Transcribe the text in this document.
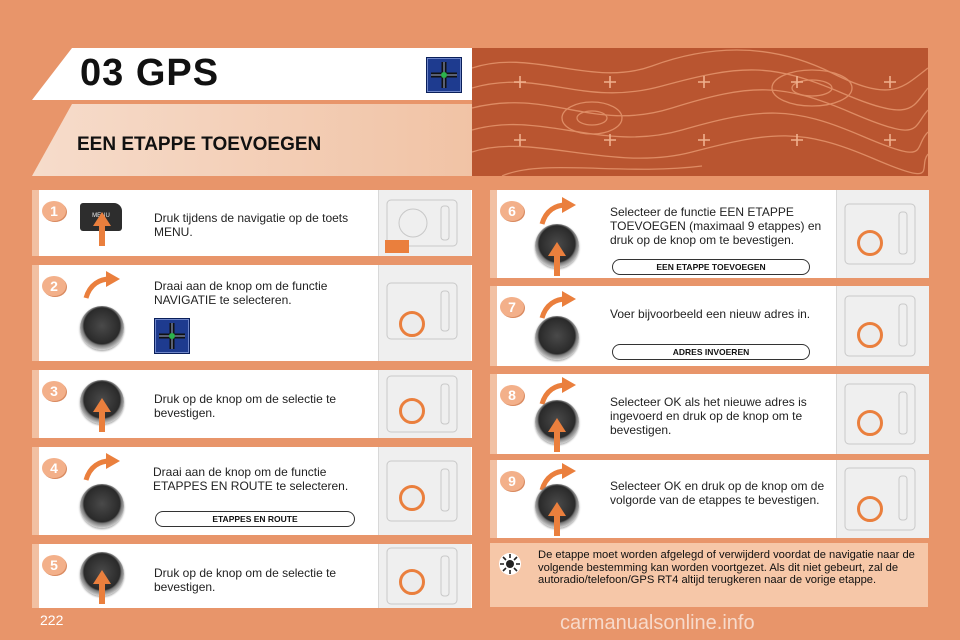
03 GPS
EEN ETAPPE TOEVOEGEN
1	MENU	Druk tijdens de navigatie op de toets MENU.
2	Draai aan de knop om de functie NAVIGATIE te selecteren.
3	Druk op de knop om de selectie te bevestigen.
4	Draai aan de knop om de functie ETAPPES EN ROUTE te selecteren.
ETAPPES EN ROUTE
5	Druk op de knop om de selectie te bevestigen.
6	Selecteer de functie EEN ETAPPE TOEVOEGEN (maximaal 9 etappes) en druk op de knop om te bevestigen.
EEN ETAPPE TOEVOEGEN
7	Voer bijvoorbeeld een nieuw adres in.
ADRES INVOEREN
8	Selecteer OK als het nieuwe adres is ingevoerd en druk op de knop om te bevestigen.
9	Selecteer OK en druk op de knop om de volgorde van de etappes te bevestigen.
De etappe moet worden afgelegd of verwijderd voordat de navigatie naar de volgende bestemming kan worden voortgezet. Als dit niet gebeurt, zal de autoradio/telefoon/GPS RT4 altijd terugkeren naar de vorige etappe.
222	carmanualsonline.info
